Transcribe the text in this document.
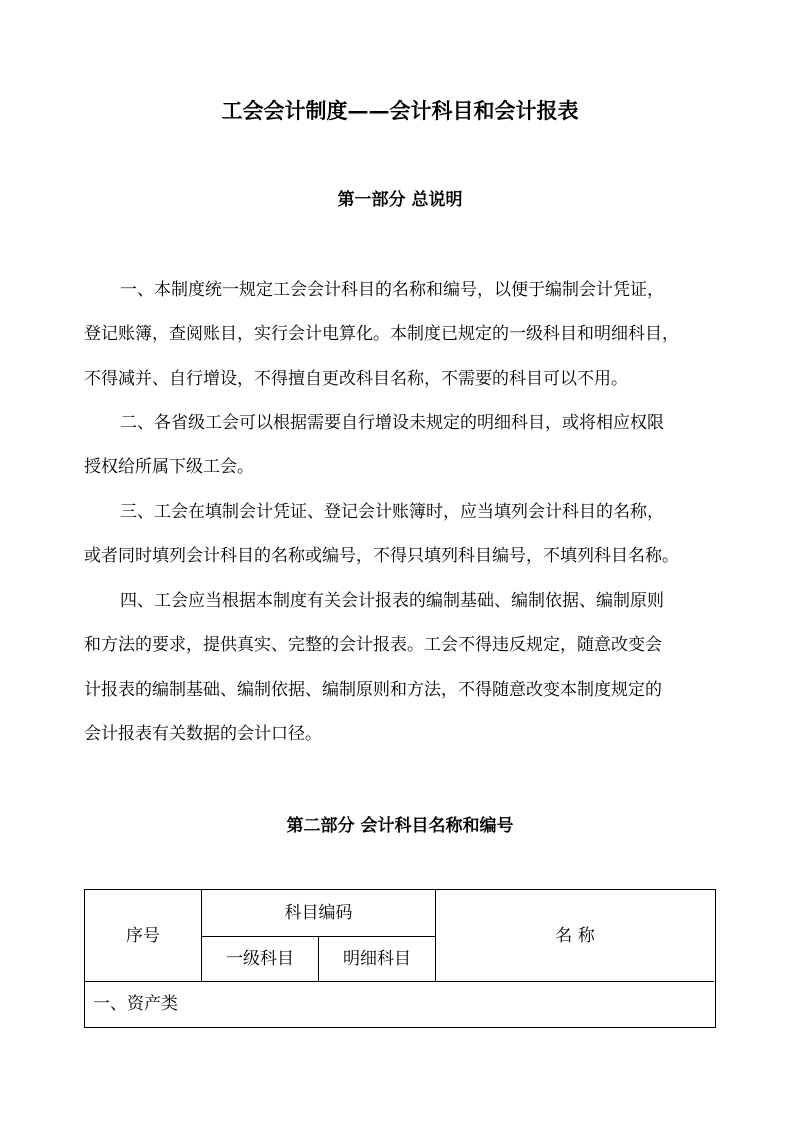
工会会计制度——会计科目和会计报表
第一部分 总说明
一、本制度统一规定工会会计科目的名称和编号，以便于编制会计凭证，
登记账簿，查阅账目，实行会计电算化。本制度已规定的一级科目和明细科目，
不得减并、自行增设，不得擅自更改科目名称，不需要的科目可以不用。
二、各省级工会可以根据需要自行增设未规定的明细科目，或将相应权限
授权给所属下级工会。
三、工会在填制会计凭证、登记会计账簿时，应当填列会计科目的名称，
或者同时填列会计科目的名称或编号，不得只填列科目编号，不填列科目名称。
四、工会应当根据本制度有关会计报表的编制基础、编制依据、编制原则
和方法的要求，提供真实、完整的会计报表。工会不得违反规定，随意改变会
计报表的编制基础、编制依据、编制原则和方法，不得随意改变本制度规定的
会计报表有关数据的会计口径。
第二部分 会计科目名称和编号
序号
科目编码
一级科目	明细科目
名 称
一、资产类
